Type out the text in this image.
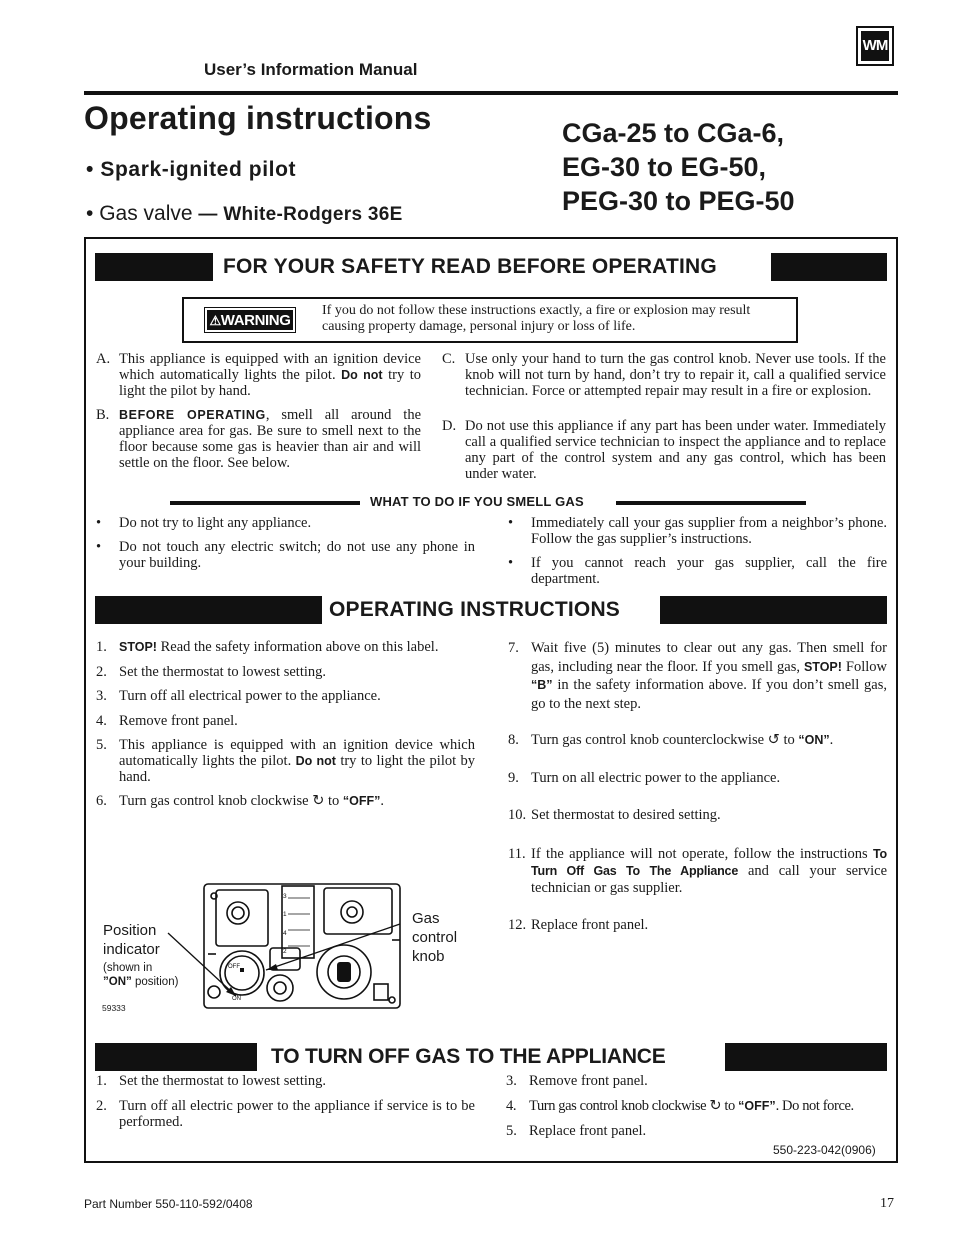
User’s Information Manual
WM
Operating instructions
• Spark-ignited pilot
• Gas valve — White-Rodgers 36E
CGa-25 to CGa-6,
EG-30 to EG-50,
PEG-30 to PEG-50
FOR YOUR SAFETY READ BEFORE OPERATING
⚠WARNING
If you do not follow these instructions exactly, a fire or explosion may result causing property damage, personal injury or loss of life.
A. This appliance is equipped with an ignition device which automatically lights the pilot. Do not try to light the pilot by hand.
B. BEFORE OPERATING, smell all around the appliance area for gas. Be sure to smell next to the floor because some gas is heavier than air and will settle on the floor. See below.
C. Use only your hand to turn the gas control knob. Never use tools. If the knob will not turn by hand, don’t try to repair it, call a qualified service technician. Force or attempted repair may result in a fire or explosion.
D. Do not use this appliance if any part has been under water. Immediately call a qualified service technician to inspect the appliance and to replace any part of the control system and any gas control, which has been under water.
WHAT TO DO IF YOU SMELL GAS
• Do not try to light any appliance.
• Do not touch any electric switch; do not use any phone in your building.
• Immediately call your gas supplier from a neighbor’s phone. Follow the gas supplier’s instructions.
• If you cannot reach your gas supplier, call the fire department.
OPERATING INSTRUCTIONS
1. STOP! Read the safety information above on this label.
2. Set the thermostat to lowest setting.
3. Turn off all electrical power to the appliance.
4. Remove front panel.
5. This appliance is equipped with an ignition device which automatically lights the pilot. Do not try to light the pilot by hand.
6. Turn gas control knob clockwise ↻ to “OFF”.
7. Wait five (5) minutes to clear out any gas. Then smell for gas, including near the floor. If you smell gas, STOP! Follow “B” in the safety information above. If you don’t smell gas, go to the next step.
8. Turn gas control knob counterclockwise ↺ to “ON”.
9. Turn on all electric power to the appliance.
10. Set thermostat to desired setting.
11. If the appliance will not operate, follow the instructions To Turn Off Gas To The Appliance and call your service technician or gas supplier.
12. Replace front panel.
Position
indicator
(shown in
”ON” position)
Gas
control
knob
59333
3
1
4
2
OFF
ON
TO TURN OFF GAS TO THE APPLIANCE
1. Set the thermostat to lowest setting.
2. Turn off all electric power to the appliance if service is to be performed.
3. Remove front panel.
4. Turn gas control knob clockwise ↻ to “OFF”. Do not force.
5. Replace front panel.
550-223-042(0906)
Part Number 550-110-592/0408	17
